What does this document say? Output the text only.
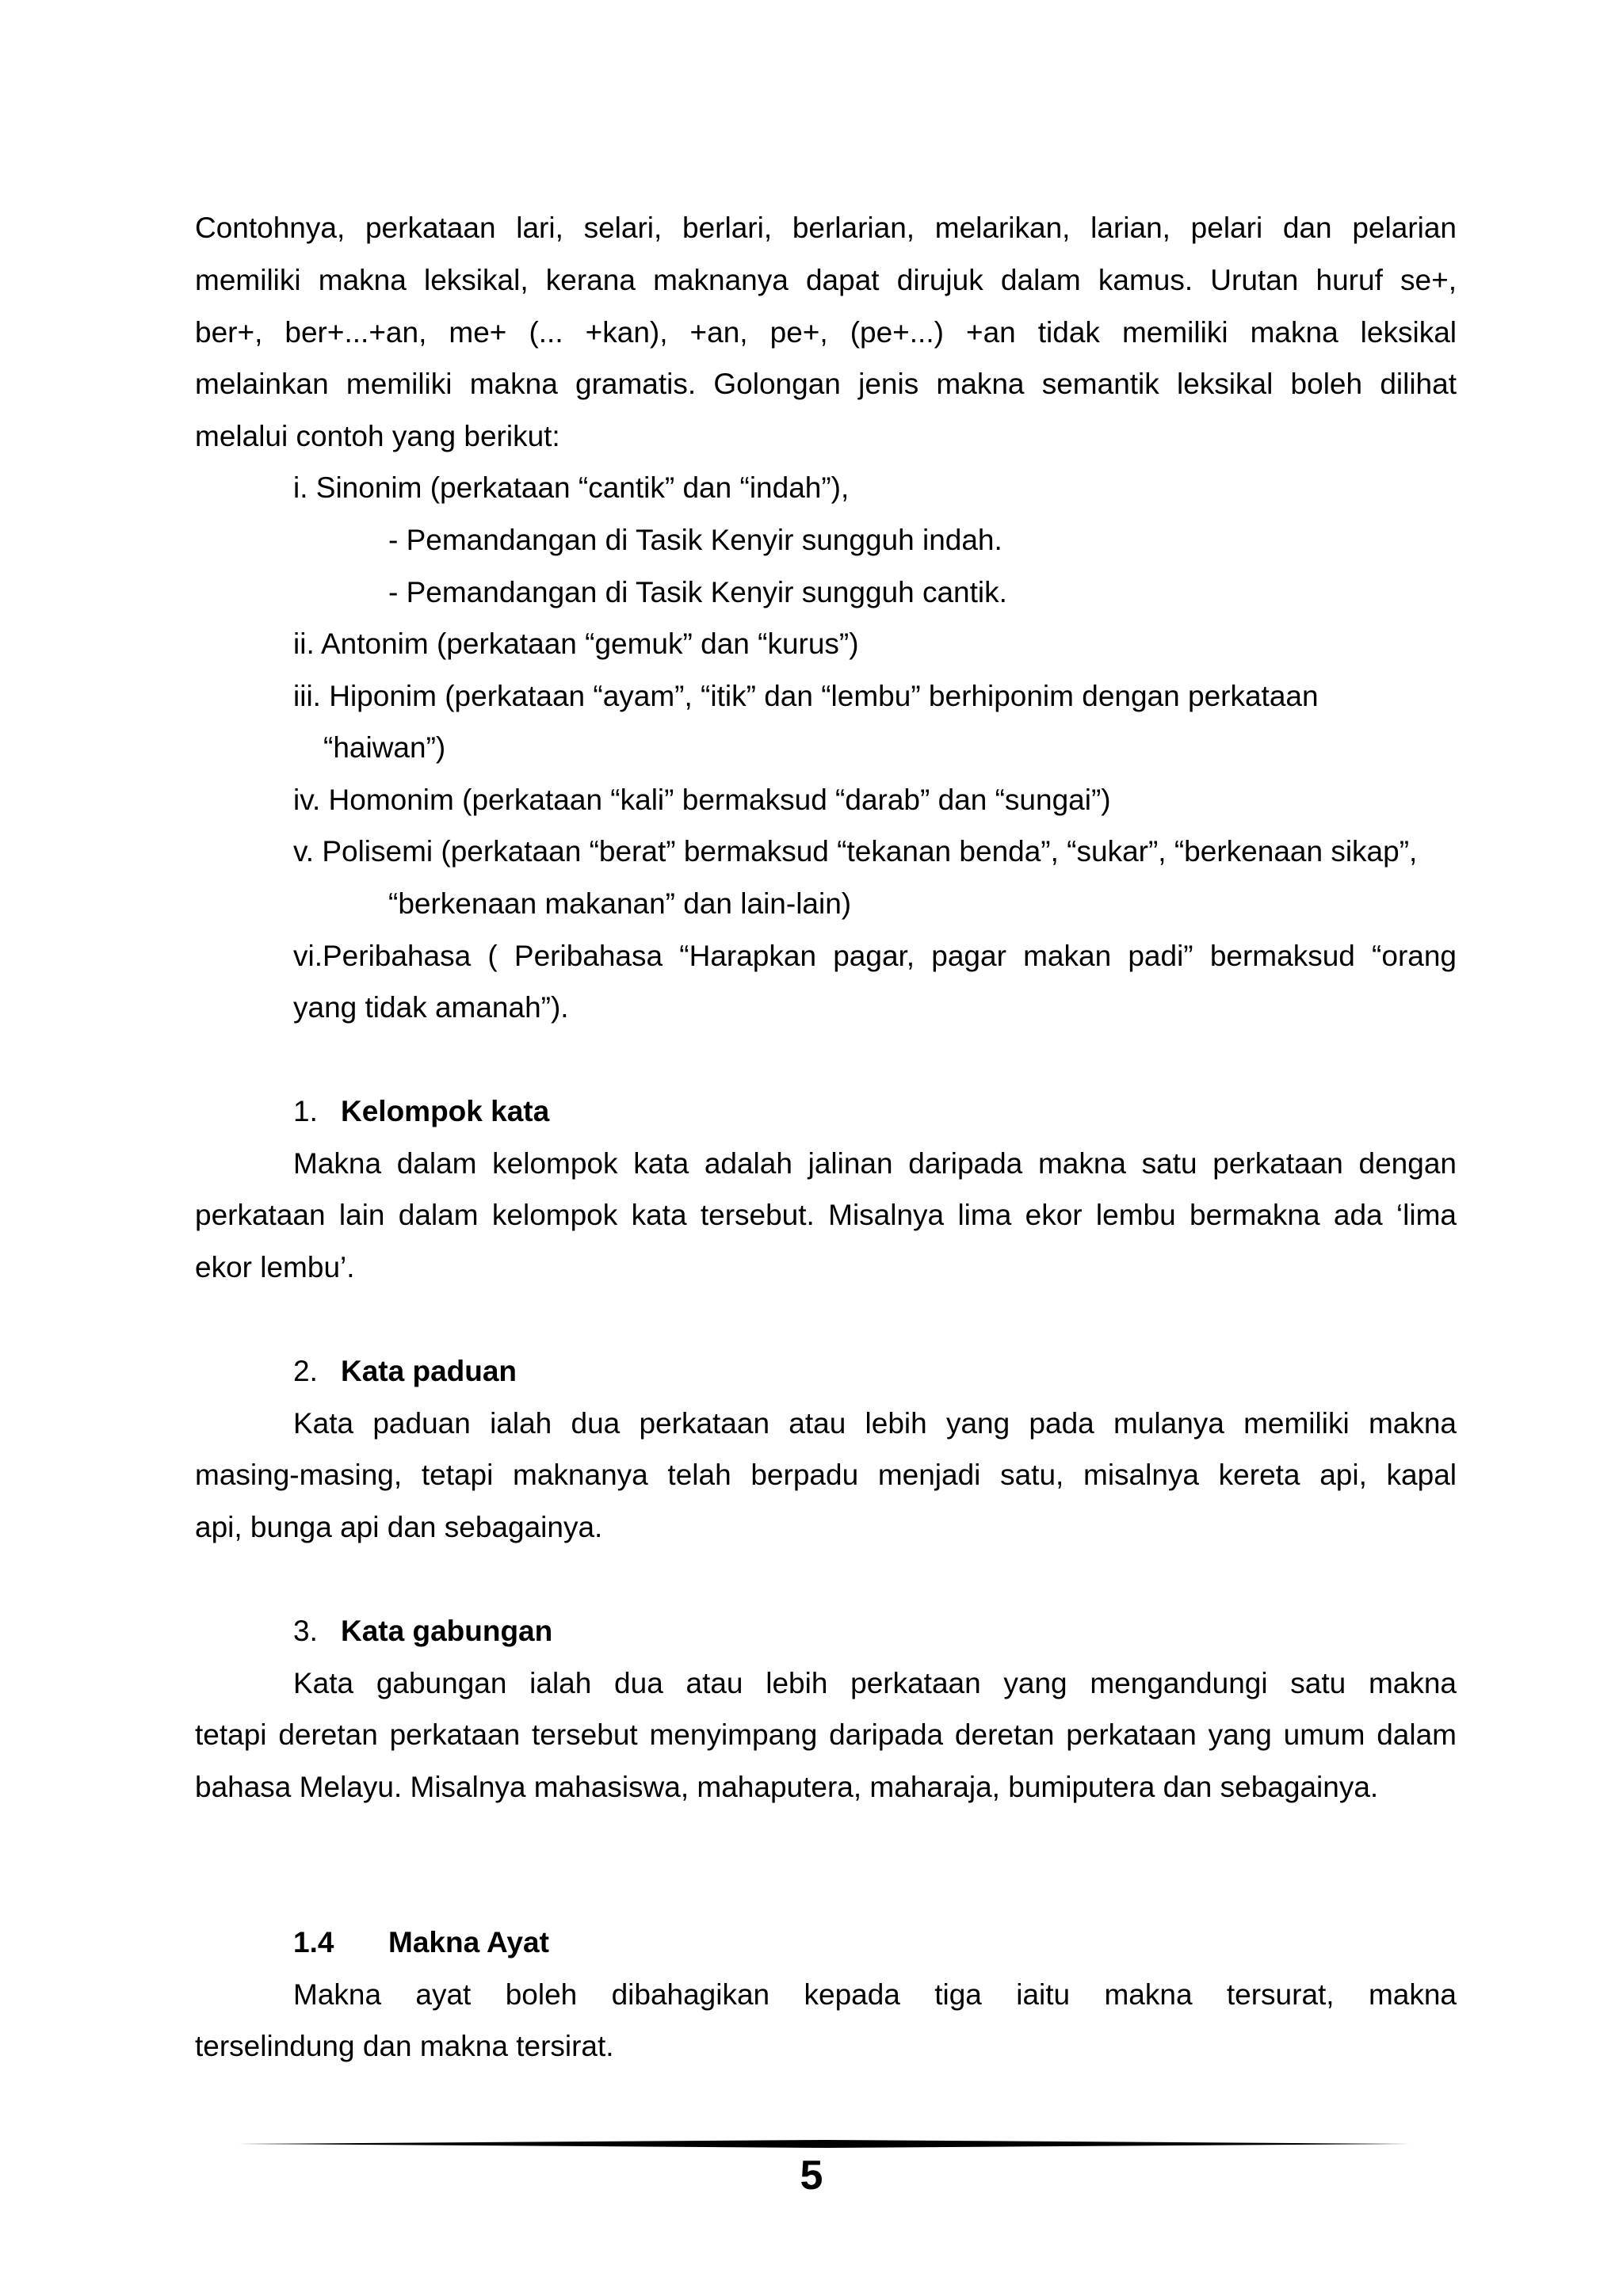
Contohnya, perkataan lari, selari, berlari, berlarian, melarikan, larian, pelari dan pelarian
memiliki makna leksikal, kerana maknanya dapat dirujuk dalam kamus. Urutan huruf se+,
ber+, ber+...+an, me+ (... +kan), +an, pe+, (pe+...) +an tidak memiliki makna leksikal
melainkan memiliki makna gramatis. Golongan jenis makna semantik leksikal boleh dilihat
melalui contoh yang berikut:
i. Sinonim (perkataan “cantik” dan “indah”),
- Pemandangan di Tasik Kenyir sungguh indah.
- Pemandangan di Tasik Kenyir sungguh cantik.
ii. Antonim (perkataan “gemuk” dan “kurus”)
iii. Hiponim (perkataan “ayam”, “itik” dan “lembu” berhiponim dengan perkataan
“haiwan”)
iv. Homonim (perkataan “kali” bermaksud “darab” dan “sungai”)
v. Polisemi (perkataan “berat” bermaksud “tekanan benda”, “sukar”, “berkenaan sikap”,
“berkenaan makanan” dan lain-lain)
vi.Peribahasa ( Peribahasa “Harapkan pagar, pagar makan padi” bermaksud “orang
yang tidak amanah”).
1. Kelompok kata
Makna dalam kelompok kata adalah jalinan daripada makna satu perkataan dengan
perkataan lain dalam kelompok kata tersebut. Misalnya lima ekor lembu bermakna ada ‘lima
ekor lembu’.
2. Kata paduan
Kata paduan ialah dua perkataan atau lebih yang pada mulanya memiliki makna
masing-masing, tetapi maknanya telah berpadu menjadi satu, misalnya kereta api, kapal
api, bunga api dan sebagainya.
3. Kata gabungan
Kata gabungan ialah dua atau lebih perkataan yang mengandungi satu makna
tetapi deretan perkataan tersebut menyimpang daripada deretan perkataan yang umum dalam
bahasa Melayu. Misalnya mahasiswa, mahaputera, maharaja, bumiputera dan sebagainya.
1.4 Makna Ayat
Makna ayat boleh dibahagikan kepada tiga iaitu makna tersurat, makna
terselindung dan makna tersirat.
5
